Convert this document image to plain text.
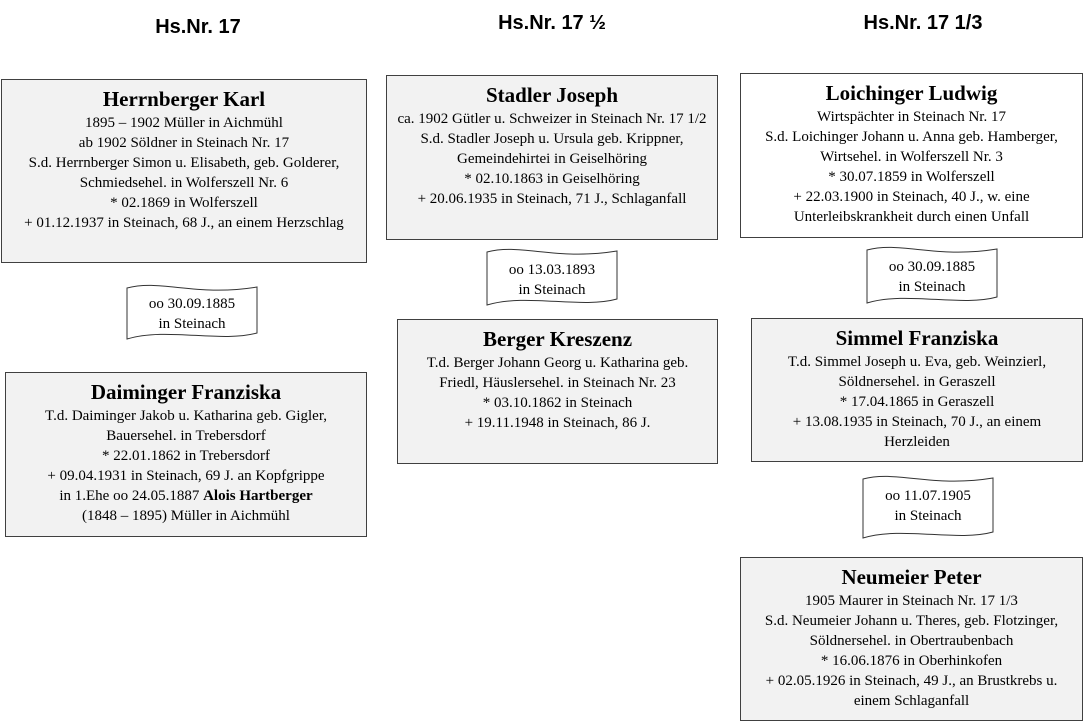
Hs.Nr. 17	Hs.Nr. 17 ½	Hs.Nr. 17 1/3
Herrnberger Karl
1895 – 1902 Müller in Aichmühl
ab 1902 Söldner in Steinach Nr. 17
S.d. Herrnberger Simon u. Elisabeth, geb. Golderer, Schmiedsehel. in Wolferszell Nr. 6
* 02.1869 in Wolferszell
+ 01.12.1937 in Steinach, 68 J., an einem Herzschlag
oo 30.09.1885
in Steinach
Daiminger Franziska
T.d. Daiminger Jakob u. Katharina geb. Gigler, Bauersehel. in Trebersdorf
* 22.01.1862 in Trebersdorf
+ 09.04.1931 in Steinach, 69 J. an Kopfgrippe
in 1.Ehe oo 24.05.1887 Alois Hartberger
(1848 – 1895) Müller in Aichmühl
Stadler Joseph
ca. 1902 Gütler u. Schweizer in Steinach Nr. 17 1/2
S.d. Stadler Joseph u. Ursula geb. Krippner, Gemeindehirtei in Geiselhöring
* 02.10.1863 in Geiselhöring
+ 20.06.1935 in Steinach, 71 J., Schlaganfall
oo 13.03.1893
in Steinach
Berger Kreszenz
T.d. Berger Johann Georg u. Katharina geb. Friedl, Häuslersehel. in Steinach Nr. 23
* 03.10.1862 in Steinach
+ 19.11.1948 in Steinach, 86 J.
Loichinger Ludwig
Wirtspächter in Steinach Nr. 17
S.d. Loichinger Johann u. Anna geb. Hamberger, Wirtsehel. in Wolferszell Nr. 3
* 30.07.1859 in Wolferszell
+ 22.03.1900 in Steinach, 40 J., w. eine Unterleibskrankheit durch einen Unfall
oo 30.09.1885
in Steinach
Simmel Franziska
T.d. Simmel Joseph u. Eva, geb. Weinzierl, Söldnersehel. in Geraszell
* 17.04.1865 in Geraszell
+ 13.08.1935 in Steinach, 70 J., an einem Herzleiden
oo 11.07.1905
in Steinach
Neumeier Peter
1905 Maurer in Steinach Nr. 17 1/3
S.d. Neumeier Johann u. Theres, geb. Flotzinger, Söldnersehel. in Obertraubenbach
* 16.06.1876 in Oberhinkofen
+ 02.05.1926 in Steinach, 49 J., an Brustkrebs u. einem Schlaganfall
